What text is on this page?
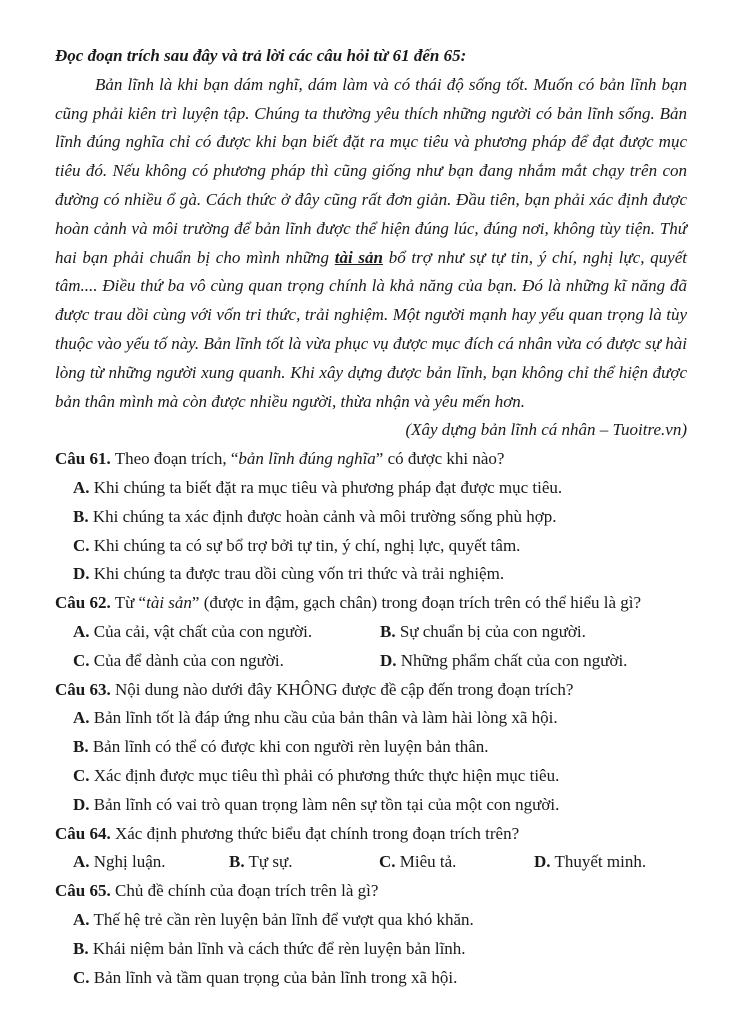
Đọc đoạn trích sau đây và trả lời các câu hỏi từ 61 đến 65:

Bản lĩnh là khi bạn dám nghĩ, dám làm và có thái độ sống tốt. Muốn có bản lĩnh bạn cũng phải kiên trì luyện tập. Chúng ta thường yêu thích những người có bản lĩnh sống. Bản lĩnh đúng nghĩa chỉ có được khi bạn biết đặt ra mục tiêu và phương pháp để đạt được mục tiêu đó. Nếu không có phương pháp thì cũng giống như bạn đang nhắm mắt chạy trên con đường có nhiều ổ gà. Cách thức ở đây cũng rất đơn giản. Đầu tiên, bạn phải xác định được hoàn cảnh và môi trường để bản lĩnh được thể hiện đúng lúc, đúng nơi, không tùy tiện. Thứ hai bạn phải chuẩn bị cho mình những tài sản bổ trợ như sự tự tin, ý chí, nghị lực, quyết tâm.... Điều thứ ba vô cùng quan trọng chính là khả năng của bạn. Đó là những kĩ năng đã được trau dồi cùng với vốn tri thức, trải nghiệm. Một người mạnh hay yếu quan trọng là tùy thuộc vào yếu tố này. Bản lĩnh tốt là vừa phục vụ được mục đích cá nhân vừa có được sự hài lòng từ những người xung quanh. Khi xây dựng được bản lĩnh, bạn không chỉ thể hiện được bản thân mình mà còn được nhiều người, thừa nhận và yêu mến hơn.

(Xây dựng bản lĩnh cá nhân – Tuoitre.vn)
Câu 61. Theo đoạn trích, “bản lĩnh đúng nghĩa” có được khi nào?
A. Khi chúng ta biết đặt ra mục tiêu và phương pháp đạt được mục tiêu.
B. Khi chúng ta xác định được hoàn cảnh và môi trường sống phù hợp.
C. Khi chúng ta có sự bổ trợ bởi tự tin, ý chí, nghị lực, quyết tâm.
D. Khi chúng ta được trau dồi cùng vốn tri thức và trải nghiệm.
Câu 62. Từ “tài sản” (được in đậm, gạch chân) trong đoạn trích trên có thể hiểu là gì?
A. Của cải, vật chất của con người.	B. Sự chuẩn bị của con người.
C. Của để dành của con người.	D. Những phẩm chất của con người.
Câu 63. Nội dung nào dưới đây KHÔNG được đề cập đến trong đoạn trích?
A. Bản lĩnh tốt là đáp ứng nhu cầu của bản thân và làm hài lòng xã hội.
B. Bản lĩnh có thể có được khi con người rèn luyện bản thân.
C. Xác định được mục tiêu thì phải có phương thức thực hiện mục tiêu.
D. Bản lĩnh có vai trò quan trọng làm nên sự tồn tại của một con người.
Câu 64. Xác định phương thức biểu đạt chính trong đoạn trích trên?
A. Nghị luận.	B. Tự sự.	C. Miêu tả.	D. Thuyết minh.
Câu 65. Chủ đề chính của đoạn trích trên là gì?
A. Thế hệ trẻ cần rèn luyện bản lĩnh để vượt qua khó khăn.
B. Khái niệm bản lĩnh và cách thức để rèn luyện bản lĩnh.
C. Bản lĩnh và tầm quan trọng của bản lĩnh trong xã hội.
